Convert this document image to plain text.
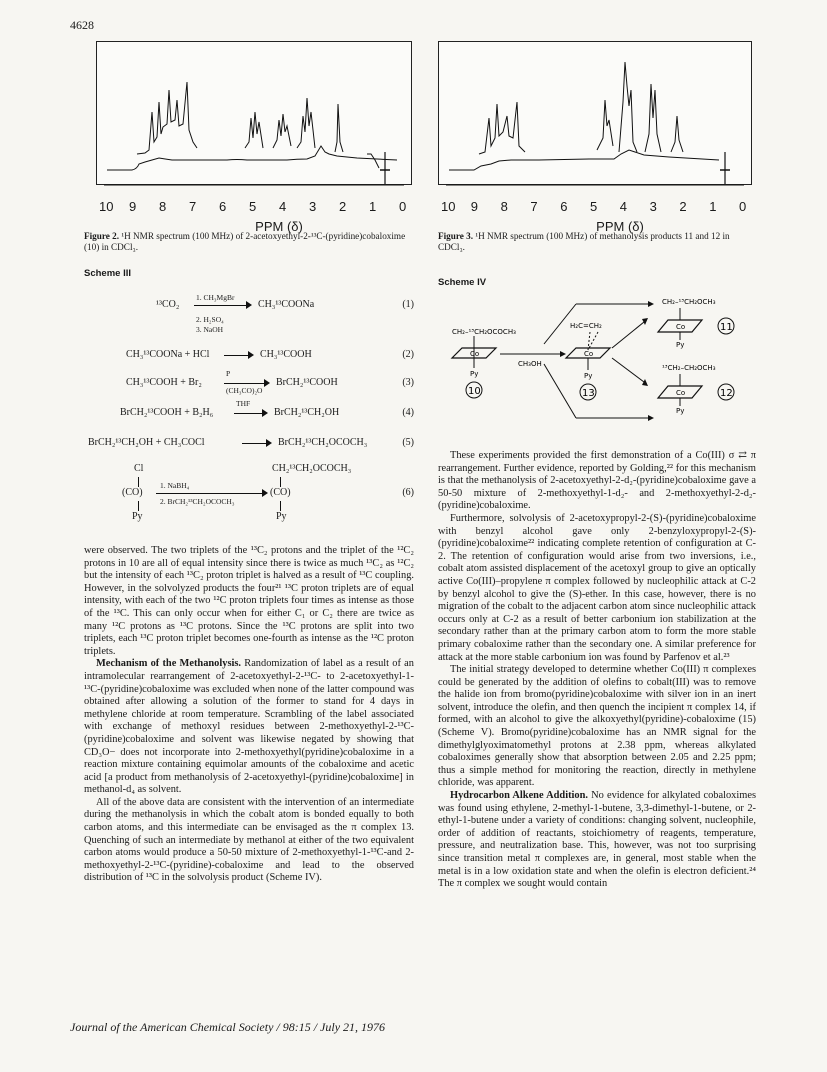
4628
10 9 8 7 6 5 4 3 2 1 0
PPM (δ)
Figure 2. ¹H NMR spectrum (100 MHz) of 2-acetoxyethyl-2-¹³C-(pyridine)cobaloxime (10) in CDCl₃.
10 9 8 7 6 5 4 3 2 1 0
PPM (δ)
Figure 3. ¹H NMR spectrum (100 MHz) of methanolysis products 11 and 12 in CDCl₃.
Scheme III
¹³CO₂
1. CH₃MgBr
2. H₂SO₄
3. NaOH
CH₃¹³COONa	(1)
CH₃¹³COONa + HCl	CH₃¹³COOH	(2)
CH₃¹³COOH + Br₂
P
(CH₃CO)₂O
BrCH₂¹³COOH	(3)
BrCH₂¹³COOH + B₂H₆
THF
BrCH₂¹³CH₂OH	(4)
BrCH₂¹³CH₂OH + CH₃COCl	BrCH₂¹³CH₂OCOCH₃	(5)
Cl
(CO)
Py
CH₂¹³CH₂OCOCH₃
(CO)
Py
1. NaBH₄
2. BrCH₂¹³CH₂OCOCH₃
(6)
Scheme IV
Co
CH₂–¹³CH₂OCOCH₃
Py
10
CH₃OH
H₂C=CH₂
Co
Py
13
CH₂–¹³CH₂OCH₃
Co
Py
11
¹³CH₂–CH₂OCH₃
Co
Py
12

were observed. The two triplets of the ¹³C₂ protons and the triplet of the ¹²C₂ protons in 10 are all of equal intensity since there is twice as much ¹³C₂ as ¹²C₂ but the intensity of each ¹³C₂ proton triplet is halved as a result of ¹³C coupling. However, in the solvolyzed products the four²¹ ¹³C proton triplets are of equal intensity, with each of the two ¹²C proton triplets four times as intense as those of the ¹³C. This can only occur when for either C₁ or C₂ there are twice as many ¹²C protons as ¹³C protons. Since the ¹³C protons are split into two triplets, each ¹³C proton triplet becomes one-fourth as intense as the ¹²C proton triplets.

Mechanism of the Methanolysis. Randomization of label as a result of an intramolecular rearrangement of 2-acetoxyethyl-2-¹³C- to 2-acetoxyethyl-1-¹³C-(pyridine)cobaloxime was excluded when none of the latter compound was obtained after allowing a solution of the former to stand for 4 days in methylene chloride at room temperature. Scrambling of the label associated with exchange of methoxyl residues between 2-methoxyethyl-2-¹³C-(pyridine)cobaloxime and solvent was likewise negated by showing that CD₃O− does not incorporate into 2-methoxyethyl(pyridine)cobaloxime in a reaction mixture containing equimolar amounts of the cobaloxime and acetic acid [a product from methanolysis of 2-acetoxyethyl-(pyridine)cobaloxime] in methanol-d₄ as solvent.

All of the above data are consistent with the intervention of an intermediate during the methanolysis in which the cobalt atom is bonded equally to both carbon atoms, and this intermediate can be envisaged as the π complex 13. Quenching of such an intermediate by methanol at either of the two equivalent carbon atoms would produce a 50-50 mixture of 2-methoxyethyl-1-¹³C-and 2-methoxyethyl-2-¹³C-(pyridine)-cobaloxime and lead to the observed distribution of ¹³C in the solvolysis product (Scheme IV).

These experiments provided the first demonstration of a Co(III) σ ⇄ π rearrangement. Further evidence, reported by Golding,²² for this mechanism is that the methanolysis of 2-acetoxyethyl-2-d₂-(pyridine)cobaloxime gave a 50-50 mixture of 2-methoxyethyl-1-d₂- and 2-methoxyethyl-2-d₂-(pyridine)cobaloxime.

Furthermore, solvolysis of 2-acetoxypropyl-2-(S)-(pyridine)cobaloxime with benzyl alcohol gave only 2-benzyloxypropyl-2-(S)-(pyridine)cobaloxime²² indicating complete retention of configuration at C-2. The retention of configuration would arise from two inversions, i.e., cobalt atom assisted displacement of the acetoxyl group to give an optically active Co(III)–propylene π complex followed by nucleophilic attack at C-2 by benzyl alcohol to give the (S)-ether. In this case, however, there is no migration of the cobalt to the adjacent carbon atom since nucleophilic attack occurs only at C-2 as a result of better carbonium ion stabilization at the secondary rather than at the primary carbon atom to form the more stable primary cobaloxime rather than the secondary one. A similar preference for attack at the more stable carbonium ion was found by Parfenov et al.²³

The initial strategy developed to determine whether Co(III) π complexes could be generated by the addition of olefins to cobalt(III) was to remove the halide ion from bromo(pyridine)cobaloxime with silver ion in an inert solvent, introduce the olefin, and then quench the incipient π complex 14, if formed, with an alcohol to give the alkoxyethyl(pyridine)-cobaloxime (15) (Scheme V). Bromo(pyridine)cobaloxime has an NMR signal for the dimethylglyoximatomethyl protons at 2.38 ppm, whereas alkylated cobaloximes generally show that absorption between 2.05 and 2.25 ppm; thus a simple method for monitoring the reaction, directly in methylene chloride, was apparent.

Hydrocarbon Alkene Addition. No evidence for alkylated cobaloximes was found using ethylene, 2-methyl-1-butene, 3,3-dimethyl-1-butene, or 2-ethyl-1-butene under a variety of conditions: changing solvent, nucleophile, order of addition of reactants, stoichiometry of reagents, temperature, pressure, and neutralization base. This, however, was not too surprising since transition metal π complexes are, in general, most stable when the metal is in a low oxidation state and when the olefin is electron deficient.²⁴ The π complex we sought would contain

Journal of the American Chemical Society / 98:15 / July 21, 1976
